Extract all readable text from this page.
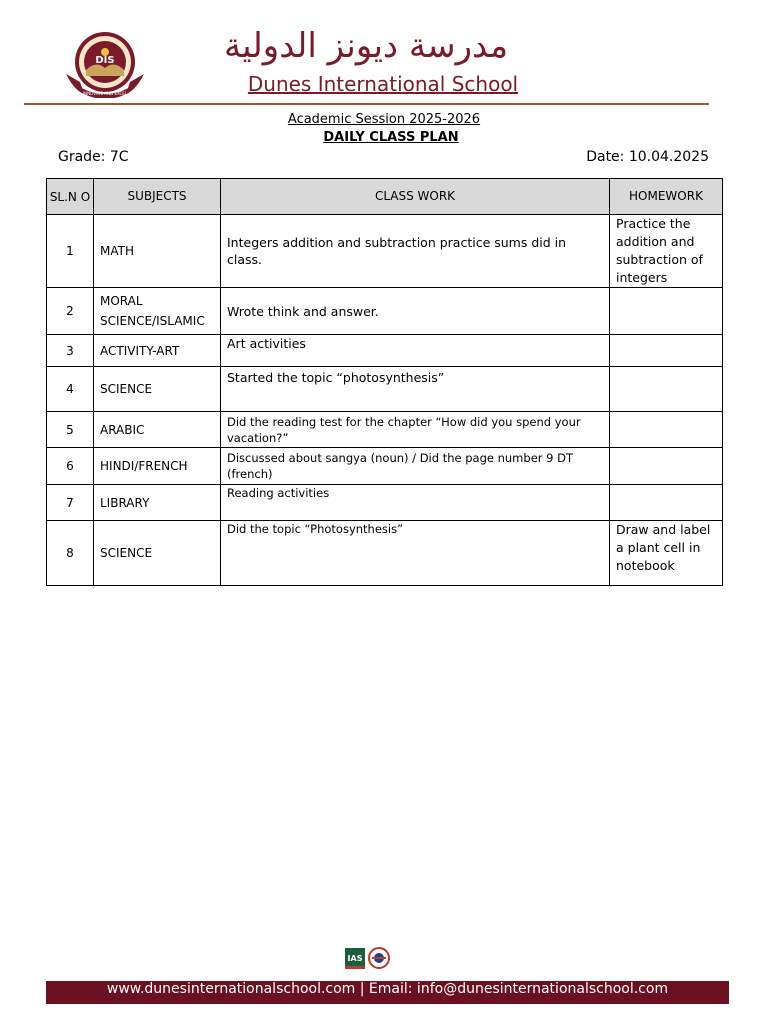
DIS
INNOVATE AND EXCEL
مدرسة ديونز الدولية
Dunes International School
Academic Session 2025-2026
DAILY CLASS PLAN
Grade: 7C	Date: 10.04.2025
SL.N O	SUBJECTS	CLASS WORK	HOMEWORK
1	MATH	Integers addition and subtraction practice sums did in class.	Practice the addition and subtraction of integers
2	MORAL SCIENCE/ISLAMIC	Wrote think and answer.	
3	ACTIVITY-ART	Art activities	
4	SCIENCE	Started the topic “photosynthesis”	
5	ARABIC	Did the reading test for the chapter “How did you spend your vacation?”	
6	HINDI/FRENCH	Discussed about sangya (noun) / Did the page number 9 DT (french)	
7	LIBRARY	Reading activities	
8	SCIENCE	Did the topic “Photosynthesis”	Draw and label a plant cell in notebook
IAS
www.dunesinternationalschool.com | Email: info@dunesinternationalschool.com
